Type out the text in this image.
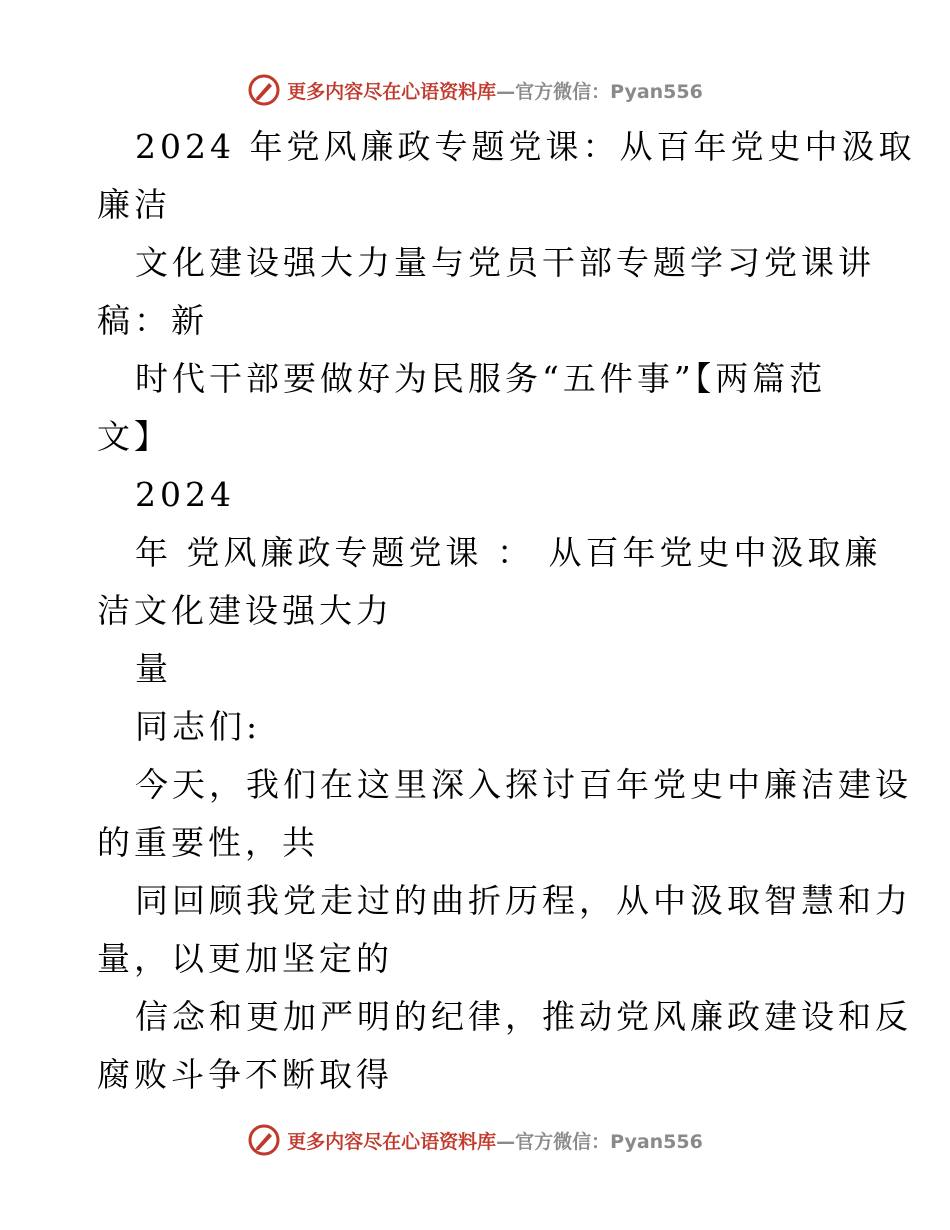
更多内容尽在心语资料库—官方微信：Pyan556

2024 年党风廉政专题党课：从百年党史中汲取
廉洁

文化建设强大力量与党员干部专题学习党课讲
稿：新

时代干部要做好为民服务“五件事”【两篇范
文】

2024

年 党风廉政专题党课 ： 从百年党史中汲取廉
洁文化建设强大力

量

同志们:

今天，我们在这里深入探讨百年党史中廉洁建设
的重要性，共

同回顾我党走过的曲折历程，从中汲取智慧和力
量，以更加坚定的

信念和更加严明的纪律，推动党风廉政建设和反
腐败斗争不断取得

更多内容尽在心语资料库—官方微信：Pyan556
